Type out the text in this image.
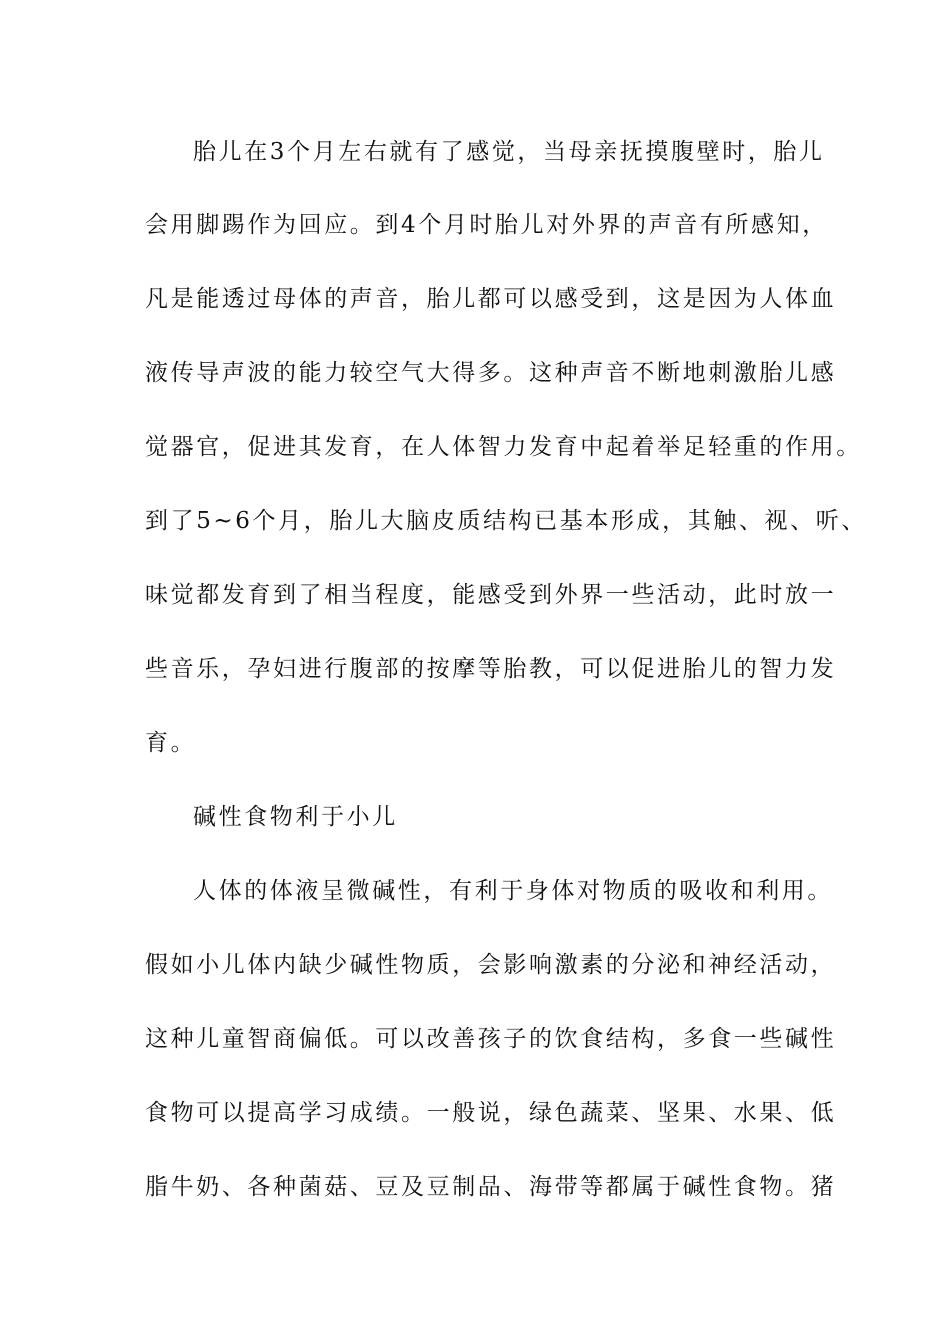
胎儿在3个月左右就有了感觉，当母亲抚摸腹壁时，胎儿
会用脚踢作为回应。到4个月时胎儿对外界的声音有所感知，
凡是能透过母体的声音，胎儿都可以感受到，这是因为人体血
液传导声波的能力较空气大得多。这种声音不断地刺激胎儿感
觉器官，促进其发育，在人体智力发育中起着举足轻重的作用。
到了5~6个月，胎儿大脑皮质结构已基本形成，其触、视、听、
味觉都发育到了相当程度，能感受到外界一些活动，此时放一
些音乐，孕妇进行腹部的按摩等胎教，可以促进胎儿的智力发
育。
碱性食物利于小儿
人体的体液呈微碱性，有利于身体对物质的吸收和利用。
假如小儿体内缺少碱性物质，会影响激素的分泌和神经活动，
这种儿童智商偏低。可以改善孩子的饮食结构，多食一些碱性
食物可以提高学习成绩。一般说，绿色蔬菜、坚果、水果、低
脂牛奶、各种菌菇、豆及豆制品、海带等都属于碱性食物。猪
